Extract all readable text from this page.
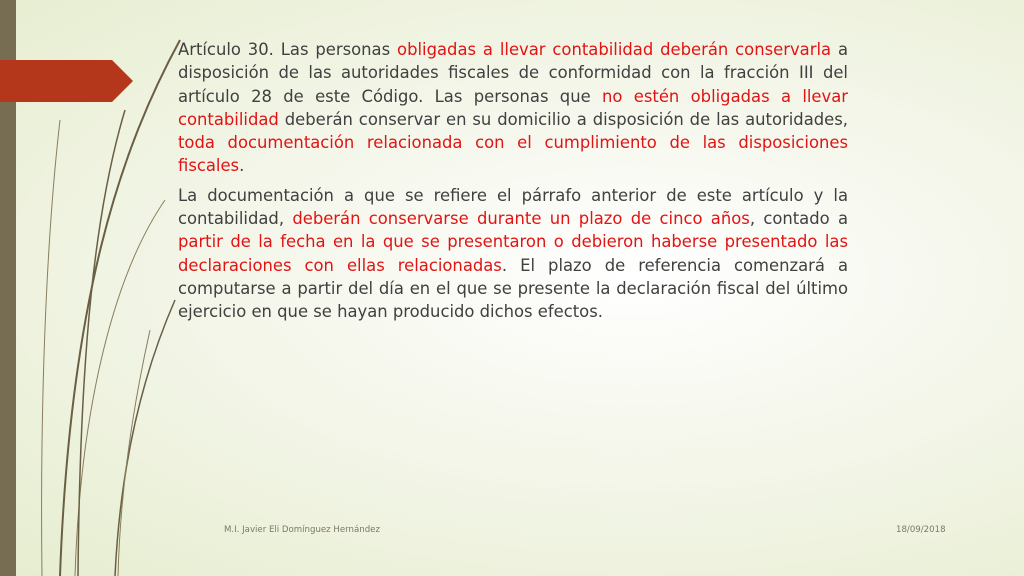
Artículo 30. Las personas obligadas a llevar contabilidad deberán conservarla a disposición de las autoridades fiscales de conformidad con la fracción III del artículo 28 de este Código. Las personas que no estén obligadas a llevar contabilidad deberán conservar en su domicilio a disposición de las autoridades, toda documentación relacionada con el cumplimiento de las disposiciones fiscales.

La documentación a que se refiere el párrafo anterior de este artículo y la contabilidad, deberán conservarse durante un plazo de cinco años, contado a partir de la fecha en la que se presentaron o debieron haberse presentado las declaraciones con ellas relacionadas. El plazo de referencia comenzará a computarse a partir del día en el que se presente la declaración fiscal del último ejercicio en que se hayan producido dichos efectos.

M.I. Javier Eli Domínguez Hernández	18/09/2018
